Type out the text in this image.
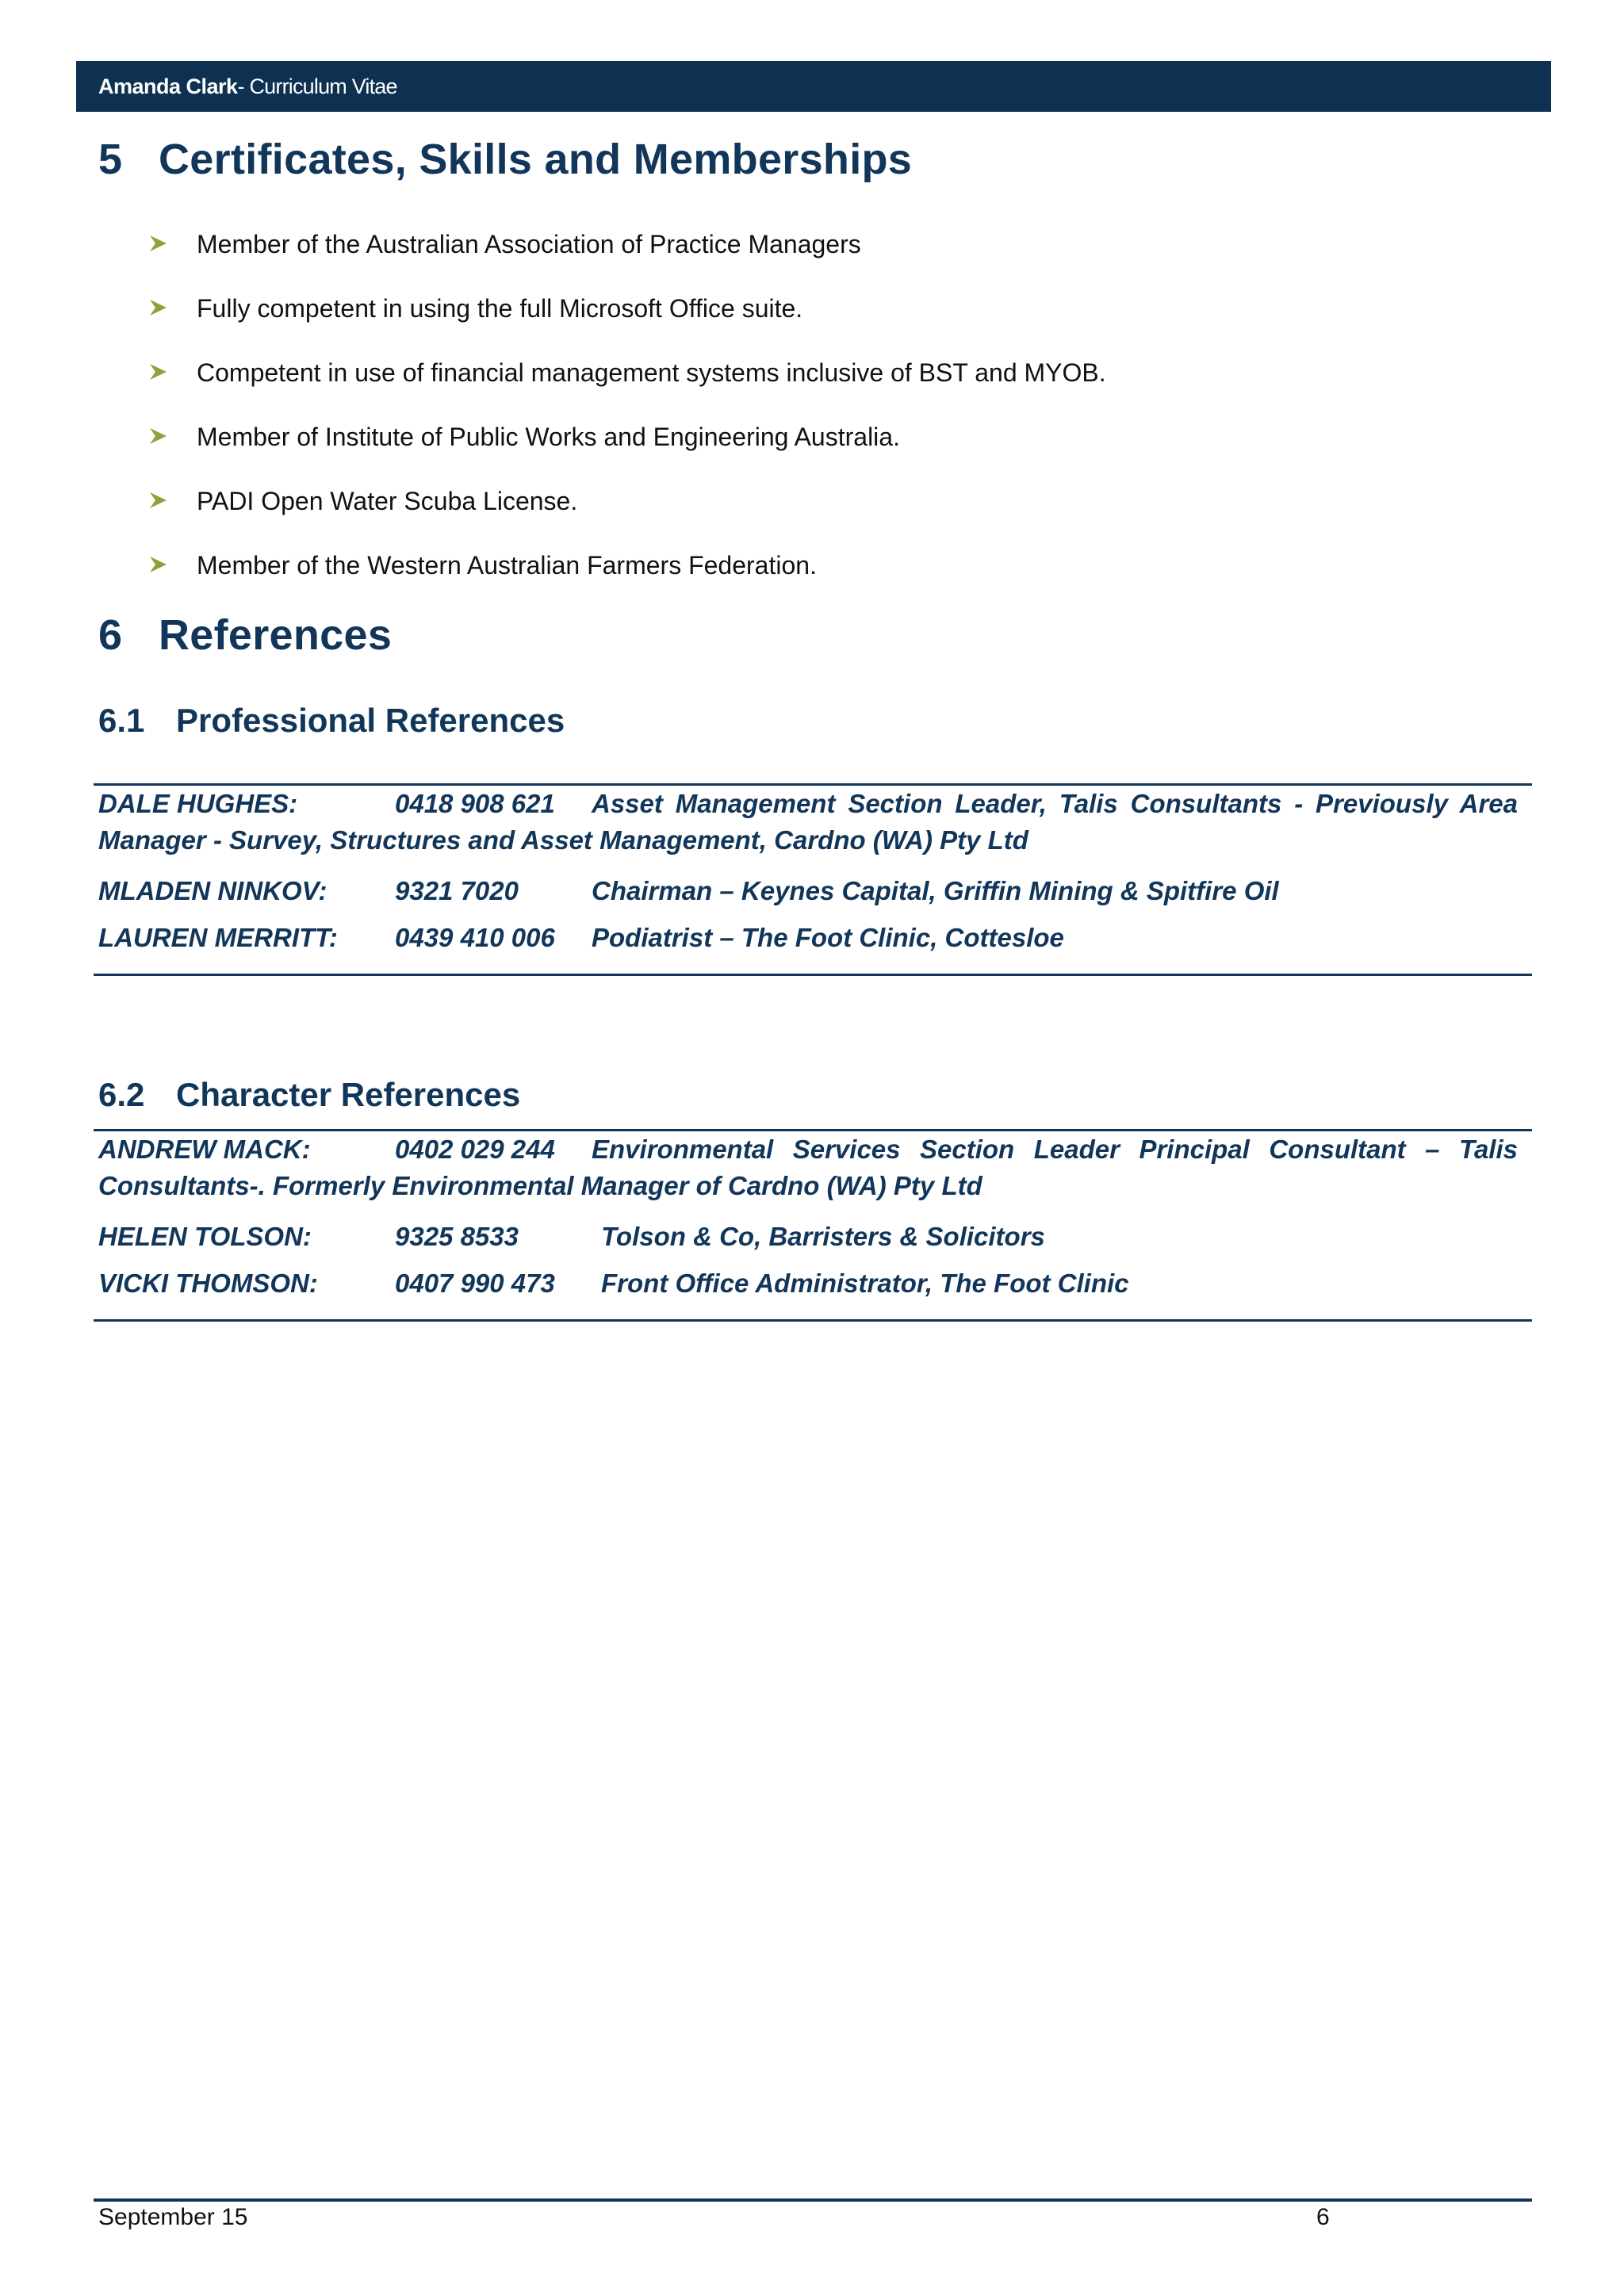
Amanda Clark - Curriculum Vitae
5 Certificates, Skills and Memberships
Member of the Australian Association of Practice Managers
Fully competent in using the full Microsoft Office suite.
Competent in use of financial management systems inclusive of BST and MYOB.
Member of Institute of Public Works and Engineering Australia.
PADI Open Water Scuba License.
Member of the Western Australian Farmers Federation.
6 References
6.1 Professional References
DALE HUGHES:	0418 908 621 Asset Management Section Leader, Talis Consultants - Previously Area Manager - Survey, Structures and Asset Management, Cardno (WA) Pty Ltd
MLADEN NINKOV:	9321 7020	Chairman – Keynes Capital, Griffin Mining & Spitfire Oil
LAUREN MERRITT: 0439 410 006 Podiatrist – The Foot Clinic, Cottesloe
6.2 Character References
ANDREW MACK:	0402 029 244 Environmental Services Section Leader Principal Consultant – Talis Consultants-. Formerly Environmental Manager of Cardno (WA) Pty Ltd
HELEN TOLSON:	9325 8533	Tolson & Co, Barristers & Solicitors
VICKI THOMSON:	0407 990 473 Front Office Administrator, The Foot Clinic
September 15	6
